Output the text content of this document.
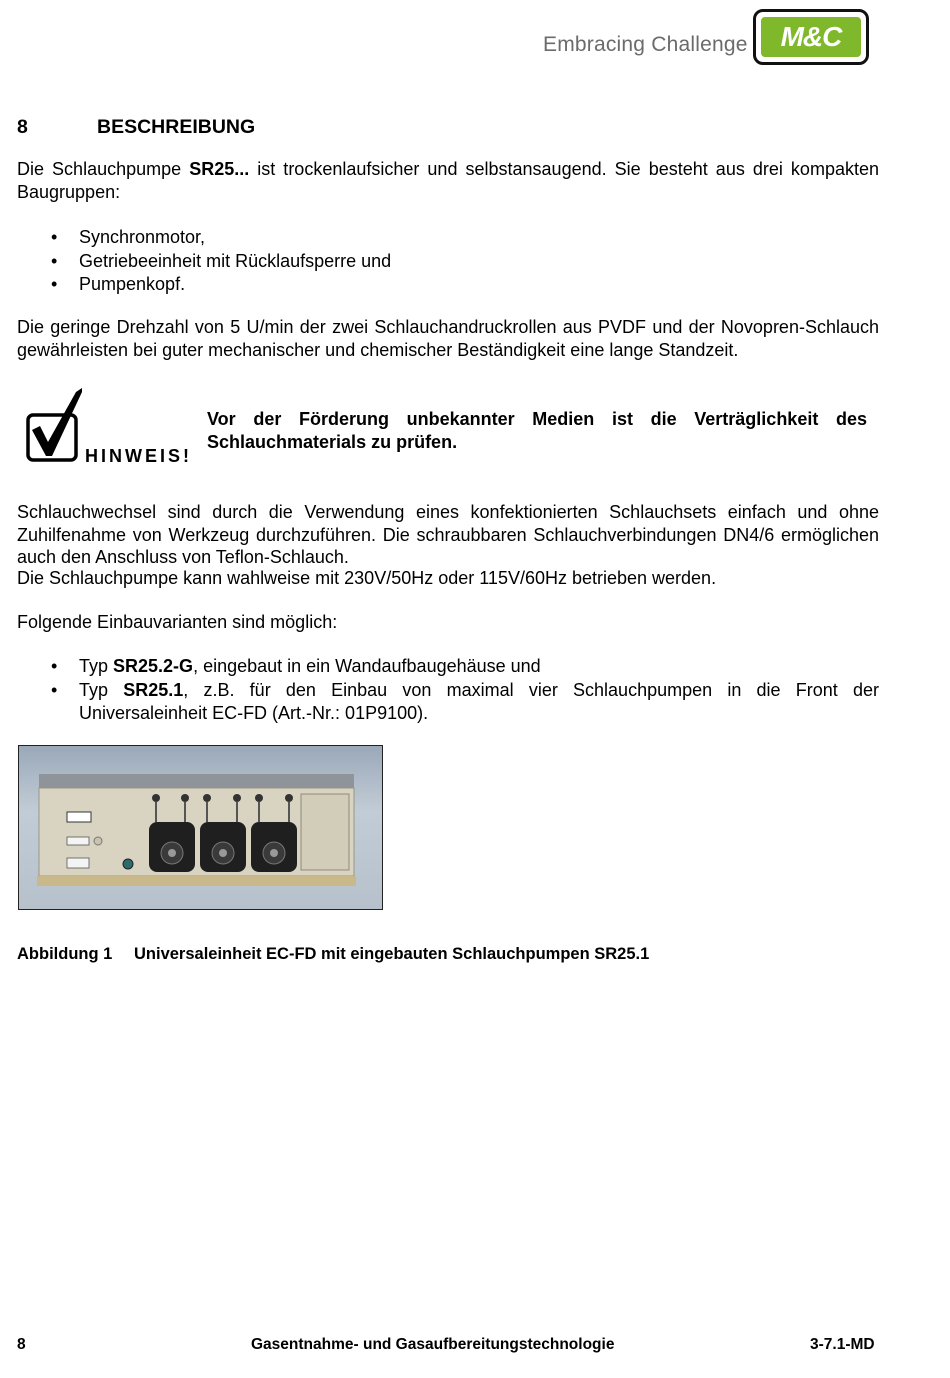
Embracing Challenge M&C
8	BESCHREIBUNG
Die Schlauchpumpe SR25... ist trockenlaufsicher und selbstansaugend. Sie besteht aus drei kompakten Baugruppen:
• Synchronmotor,
• Getriebeeinheit mit Rücklaufsperre und
• Pumpenkopf.
Die geringe Drehzahl von 5 U/min der zwei Schlauchandruckrollen aus PVDF und der Novopren-Schlauch gewährleisten bei guter mechanischer und chemischer Beständigkeit eine lange Standzeit.
HINWEIS!
Vor der Förderung unbekannter Medien ist die Verträglichkeit des Schlauchmaterials zu prüfen.
Schlauchwechsel sind durch die Verwendung eines konfektionierten Schlauchsets einfach und ohne Zuhilfenahme von Werkzeug durchzuführen. Die schraubbaren Schlauchverbindungen DN4/6 ermöglichen auch den Anschluss von Teflon-Schlauch.
Die Schlauchpumpe kann wahlweise mit 230V/50Hz oder 115V/60Hz betrieben werden.
Folgende Einbauvarianten sind möglich:
• Typ SR25.2-G, eingebaut in ein Wandaufbaugehäuse und
• Typ SR25.1, z.B. für den Einbau von maximal vier Schlauchpumpen in die Front der Universaleinheit EC-FD (Art.-Nr.: 01P9100).
Abbildung 1 Universaleinheit EC-FD mit eingebauten Schlauchpumpen SR25.1
8	Gasentnahme- und Gasaufbereitungstechnologie	3-7.1-MD
